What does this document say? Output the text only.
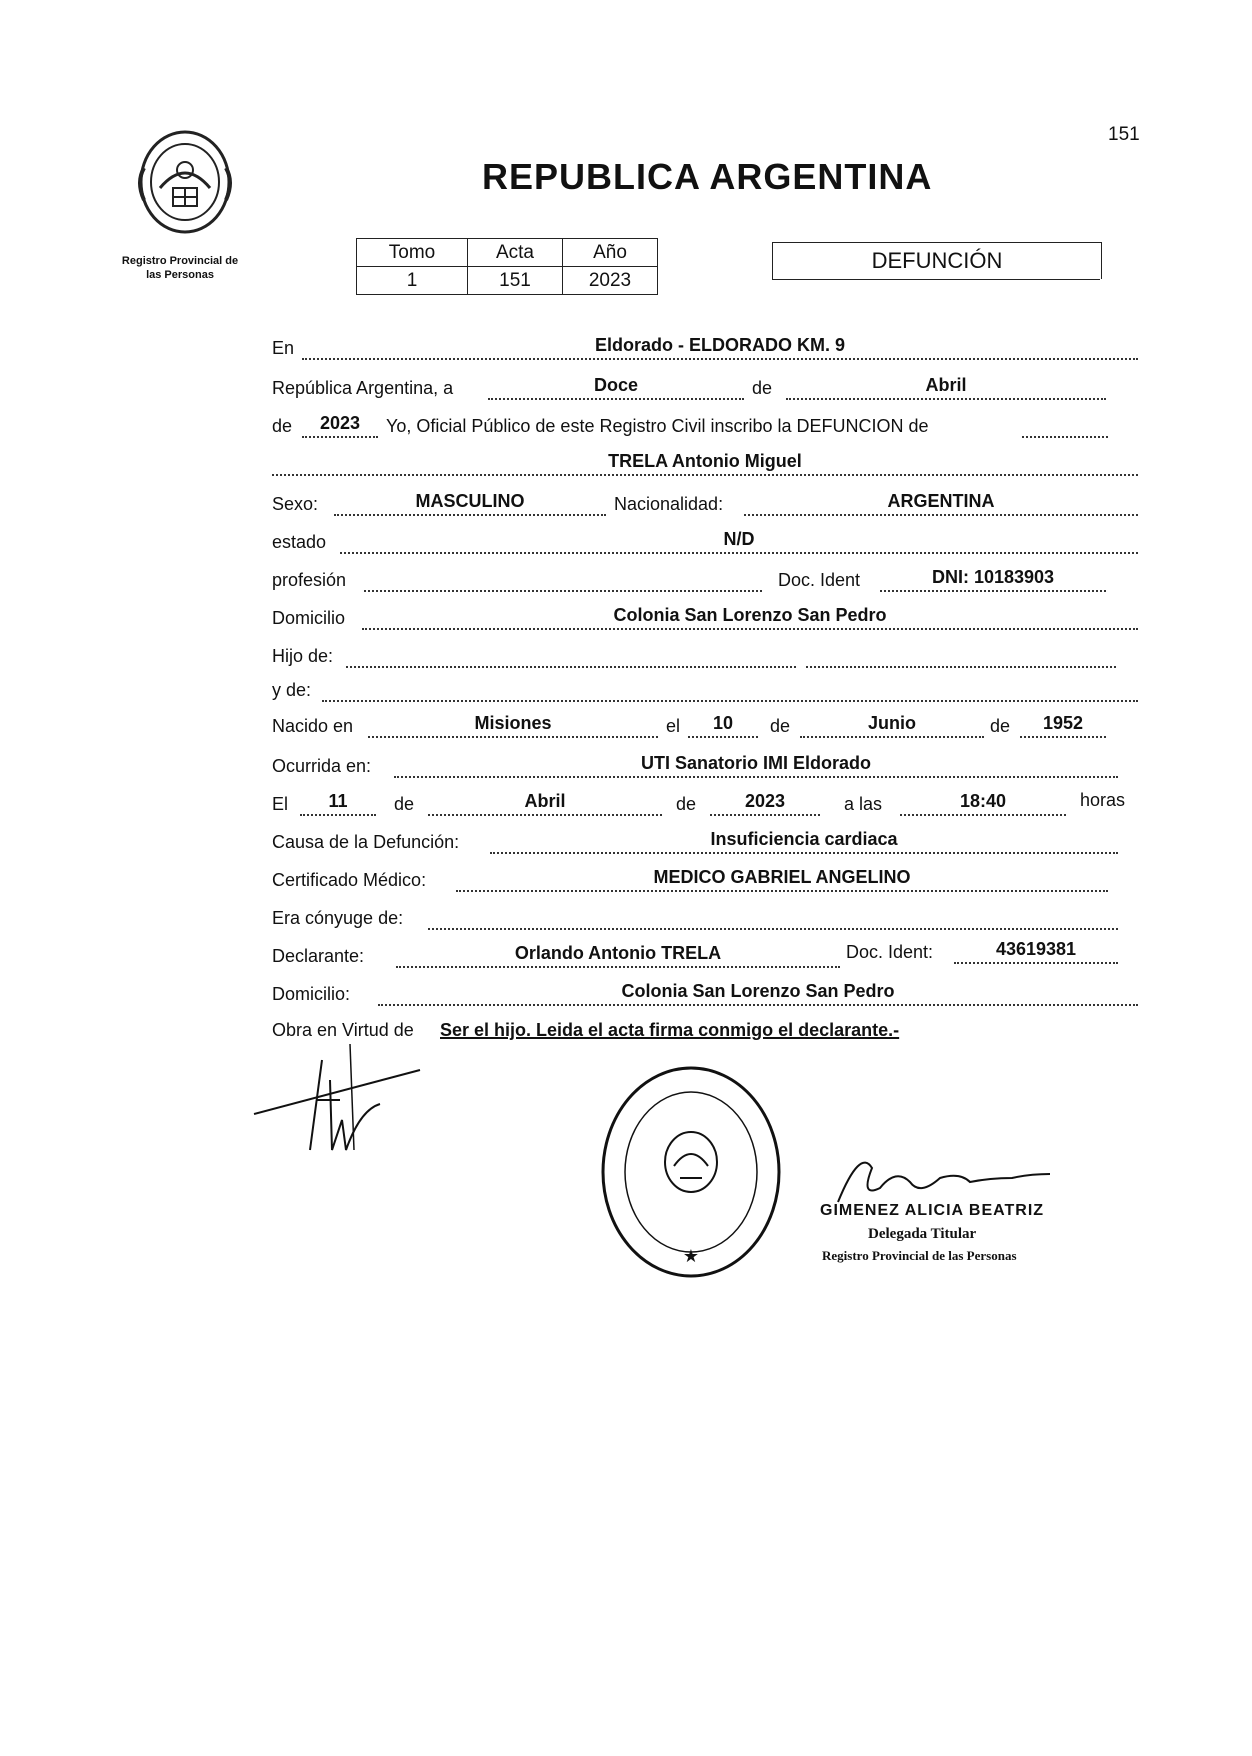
151
Registro Provincial de
las Personas
REPUBLICA ARGENTINA
Tomo	Acta	Año
1	151	2023
DEFUNCIÓN
En	Eldorado - ELDORADO KM. 9
República Argentina, a	Doce	de	Abril
de	2023	Yo, Oficial Público de este Registro Civil inscribo la DEFUNCION de
TRELA Antonio Miguel
Sexo:	MASCULINO	Nacionalidad:	ARGENTINA
estado	N/D
profesión	Doc. Ident	DNI: 10183903
Domicilio	Colonia San Lorenzo San Pedro
Hijo de:
y de:
Nacido en	Misiones	el	10	de	Junio	de	1952
Ocurrida en:	UTI Sanatorio IMI Eldorado
El	11	de	Abril	de	2023	a las	18:40	horas
Causa de la Defunción:	Insuficiencia cardiaca
Certificado Médico:	MEDICO GABRIEL ANGELINO
Era cónyuge de:
Declarante:	Orlando Antonio TRELA	Doc. Ident:	43619381
Domicilio:	Colonia San Lorenzo San Pedro
Obra en Virtud de Ser el hijo. Leida el acta firma conmigo el declarante.-
★
GIMENEZ ALICIA BEATRIZ
Delegada Titular
Registro Provincial de las Personas
